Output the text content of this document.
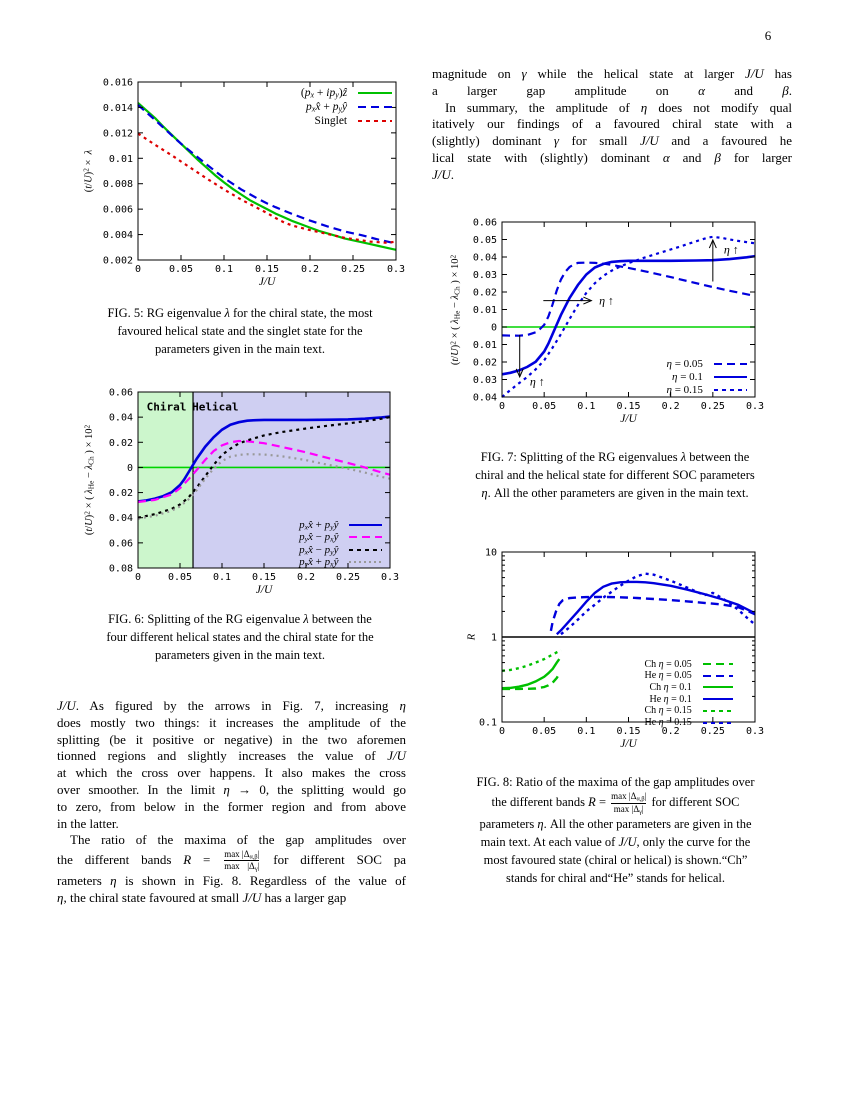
6
0	0.05 0.1 0.15 0.2 0.25 0.3
0.002
0.004
0.006
0.008
0.01
0.012
0.014
0.016
J/U
$(t/U)^2$ × λ
($p_x$ + $ip_y)ẑ$
$p_xx̂$ + $p_yŷ$
Singlet
FIG. 5: RG eigenvalue λ for the chiral state, the most
favoured helical state and the singlet state for the
parameters given in the main text.
0	0.05 0.1 0.15 0.2 0.25 0.3
0.08
0.06
0.04
0.02
0
0.02
0.04
0.06
J/U
$(t/U)^2$ × ( $\lambda_{He} - \lambda_{Ch}$ ) × $10^2$
Chiral Helical
$p_xx̂$ + $p_yŷ$
$p_yx̂$ − $p_xŷ$
$p_xx̂$ − $p_yŷ$
$p_yx̂$ + $p_xŷ$
FIG. 6: Splitting of the RG eigenvalue λ between the
four different helical states and the chiral state for the
parameters given in the main text.
J/U. As figured by the arrows in Fig. 7, increasing η
does mostly two things: it increases the amplitude of the
splitting (be it positive or negative) in the two aforemen
tionned regions and slightly increases the value of J/U
at which the cross over happens. It also makes the cross
over smoother. In the limit η → 0, the splitting would go
to zero, from below in the former region and from above
in the latter.
 The ratio of the maxima of the gap amplitudes over
the different bands $R = \frac{\max |\Delta_{\alpha,\beta}|}{\max |\Delta_\gamma|}$ for different SOC pa
rameters η is shown in Fig. 8. Regardless of the value of
η, the chiral state favoured at small J/U has a larger gap
magnitude on γ while the helical state at larger J/U has
a larger gap amplitude on α and β.
 In summary, the amplitude of η does not modify qual
itatively our findings of a favoured chiral state with a
(slightly) dominant γ for small J/U and a favoured he
lical state with (slightly) dominant α and β for larger
J/U.
0	0.05 0.1 0.15 0.2 0.25 0.3
0.04
0.03
0.02
0.01
0
0.01
0.02
0.03
0.04
0.05
0.06
J/U
$(t/U)^2$ × ( $\lambda_{He} - \lambda_{Ch}$ ) × $10^2$
η ↑
η ↑
η ↑
η = 0.05
η = 0.1
η = 0.15
FIG. 7: Splitting of the RG eigenvalues λ between the
chiral and the helical state for different SOC parameters
η. All the other parameters are given in the main text.
0	0.05 0.1 0.15 0.2 0.25 0.3
0.1
1
10
J/U
R
Ch η = 0.05
He η = 0.05
Ch η = 0.1
He η = 0.1
Ch η = 0.15
He η = 0.15
FIG. 8: Ratio of the maxima of the gap amplitudes over
the different bands $R = \frac{\max |\Delta_{\alpha,\beta}|}{\max |\Delta_\gamma|}$ for different SOC
parameters η. All the other parameters are given in the
main text. At each value of J/U, only the curve for the
most favoured state (chiral or helical) is shown.“Ch”
stands for chiral and“He” stands for helical.
